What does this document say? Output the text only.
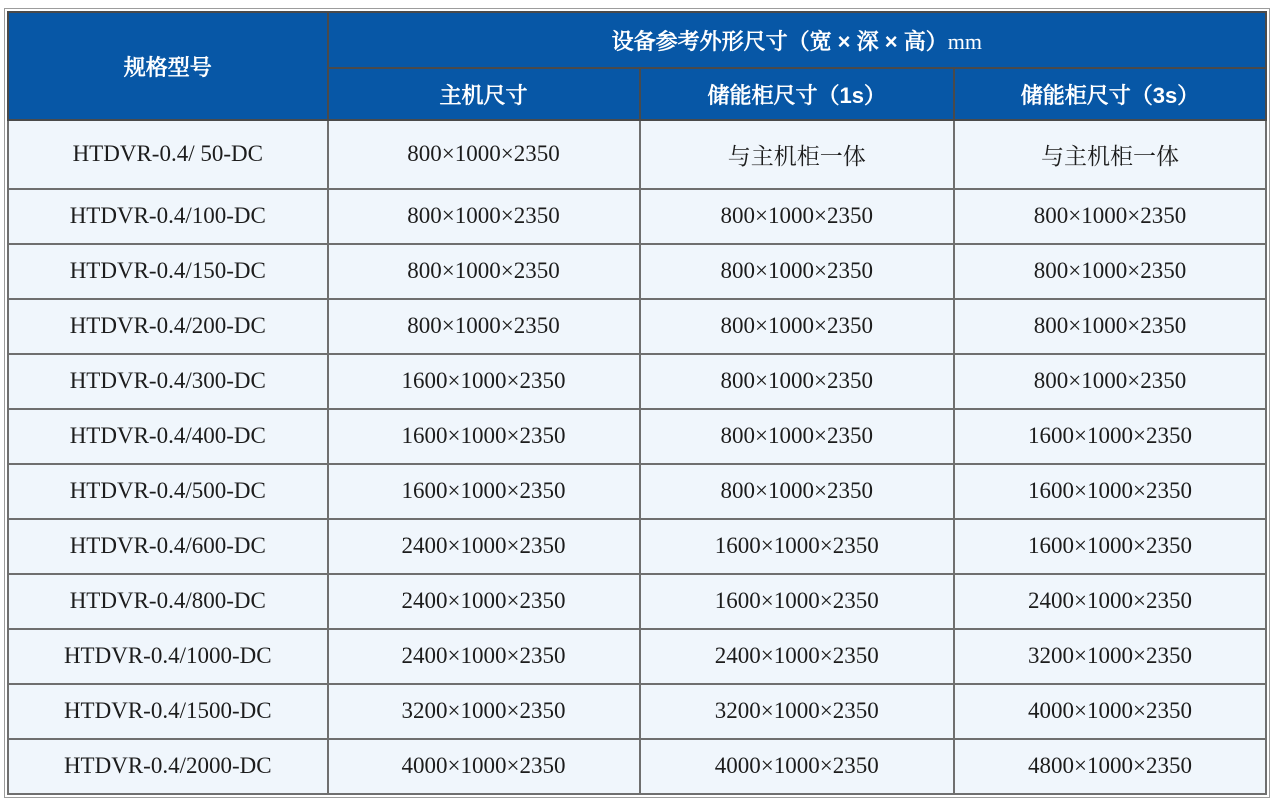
规格型号	设备参考外形尺寸（宽 × 深 × 高）mm		
	主机尺寸	储能柜尺寸（1s）	储能柜尺寸（3s）
HTDVR-0.4/ 50-DC	800×1000×2350	与主机柜一体	与主机柜一体
HTDVR-0.4/100-DC	800×1000×2350	800×1000×2350	800×1000×2350
HTDVR-0.4/150-DC	800×1000×2350	800×1000×2350	800×1000×2350
HTDVR-0.4/200-DC	800×1000×2350	800×1000×2350	800×1000×2350
HTDVR-0.4/300-DC	1600×1000×2350	800×1000×2350	800×1000×2350
HTDVR-0.4/400-DC	1600×1000×2350	800×1000×2350	1600×1000×2350
HTDVR-0.4/500-DC	1600×1000×2350	800×1000×2350	1600×1000×2350
HTDVR-0.4/600-DC	2400×1000×2350	1600×1000×2350	1600×1000×2350
HTDVR-0.4/800-DC	2400×1000×2350	1600×1000×2350	2400×1000×2350
HTDVR-0.4/1000-DC	2400×1000×2350	2400×1000×2350	3200×1000×2350
HTDVR-0.4/1500-DC	3200×1000×2350	3200×1000×2350	4000×1000×2350
HTDVR-0.4/2000-DC	4000×1000×2350	4000×1000×2350	4800×1000×2350
